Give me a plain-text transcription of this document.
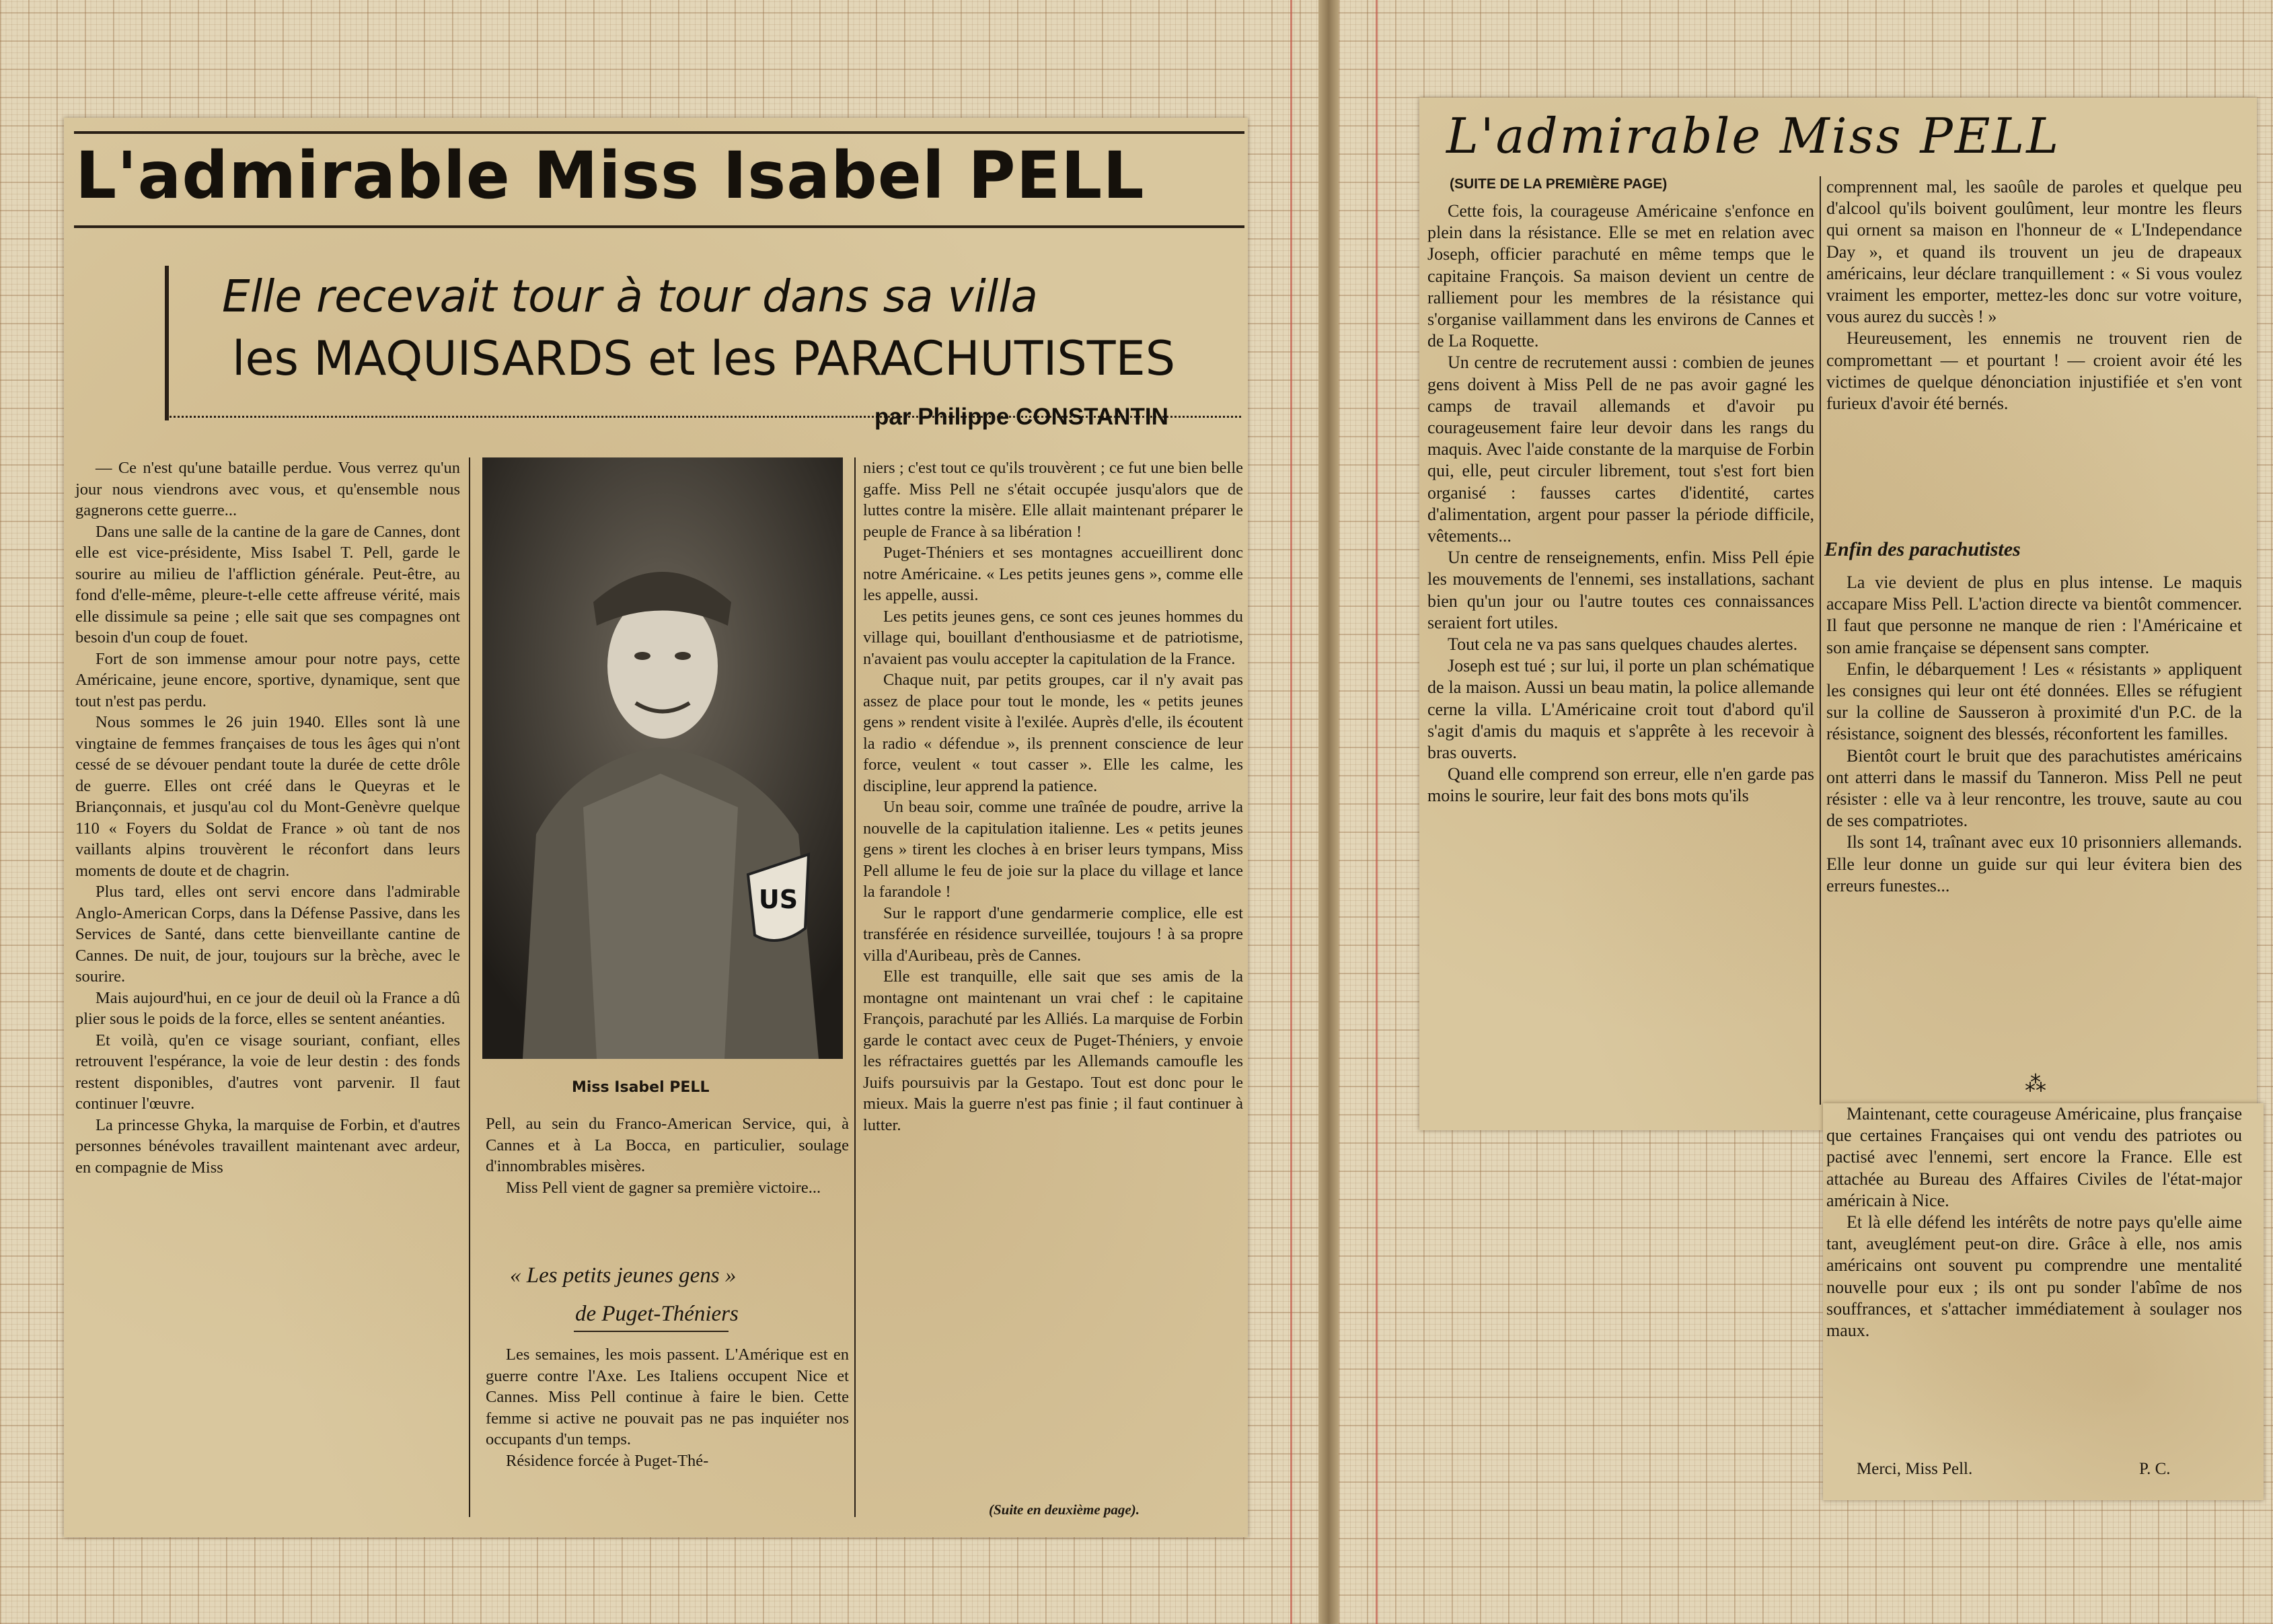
L'admirable Miss Isabel PELL
Elle recevait tour à tour dans sa villa
les MAQUISARDS et les PARACHUTISTES
par Philippe CONSTANTIN

— Ce n'est qu'une bataille perdue. Vous verrez qu'un jour nous viendrons avec vous, et qu'ensemble nous gagnerons cette guerre...

Dans une salle de la cantine de la gare de Cannes, dont elle est vice-présidente, Miss Isabel T. Pell, garde le sourire au milieu de l'affliction générale. Peut-être, au fond d'elle-même, pleure-t-elle cette affreuse vérité, mais elle dissimule sa peine ; elle sait que ses compagnes ont besoin d'un coup de fouet.

Fort de son immense amour pour notre pays, cette Américaine, jeune encore, sportive, dynamique, sent que tout n'est pas perdu.

Nous sommes le 26 juin 1940. Elles sont là une vingtaine de femmes françaises de tous les âges qui n'ont cessé de se dévouer pendant toute la durée de cette drôle de guerre. Elles ont créé dans le Queyras et le Briançonnais, et jusqu'au col du Mont-Genèvre quelque 110 « Foyers du Soldat de France » où tant de nos vaillants alpins trouvèrent le réconfort dans leurs moments de doute et de chagrin.

Plus tard, elles ont servi encore dans l'admirable Anglo-American Corps, dans la Défense Passive, dans les Services de Santé, dans cette bienveillante cantine de Cannes. De nuit, de jour, toujours sur la brèche, avec le sourire.

Mais aujourd'hui, en ce jour de deuil où la France a dû plier sous le poids de la force, elles se sentent anéanties.

Et voilà, qu'en ce visage souriant, confiant, elles retrouvent l'espérance, la voie de leur destin : des fonds restent disponibles, d'autres vont parvenir. Il faut continuer l'œuvre.

La princesse Ghyka, la marquise de Forbin, et d'autres personnes bénévoles travaillent maintenant avec ardeur, en compagnie de Miss

US
Miss Isabel PELL

Pell, au sein du Franco-American Service, qui, à Cannes et à La Bocca, en particulier, soulage d'innombrables misères.

Miss Pell vient de gagner sa première victoire...

« Les petits jeunes gens »
de Puget-Théniers

Les semaines, les mois passent. L'Amérique est en guerre contre l'Axe. Les Italiens occupent Nice et Cannes. Miss Pell continue à faire le bien. Cette femme si active ne pouvait pas ne pas inquiéter nos occupants d'un temps.

Résidence forcée à Puget-Thé-

niers ; c'est tout ce qu'ils trouvèrent ; ce fut une bien belle gaffe. Miss Pell ne s'était occupée jusqu'alors que de luttes contre la misère. Elle allait maintenant préparer le peuple de France à sa libération !

Puget-Théniers et ses montagnes accueillirent donc notre Américaine. « Les petits jeunes gens », comme elle les appelle, aussi.

Les petits jeunes gens, ce sont ces jeunes hommes du village qui, bouillant d'enthousiasme et de patriotisme, n'avaient pas voulu accepter la capitulation de la France.

Chaque nuit, par petits groupes, car il n'y avait pas assez de place pour tout le monde, les « petits jeunes gens » rendent visite à l'exilée. Auprès d'elle, ils écoutent la radio « défendue », ils prennent conscience de leur force, veulent « tout casser ». Elle les calme, les discipline, leur apprend la patience.

Un beau soir, comme une traînée de poudre, arrive la nouvelle de la capitulation italienne. Les « petits jeunes gens » tirent les cloches à en briser leurs tympans, Miss Pell allume le feu de joie sur la place du village et lance la farandole !

Sur le rapport d'une gendarmerie complice, elle est transférée en résidence surveillée, toujours ! à sa propre villa d'Auribeau, près de Cannes.

Elle est tranquille, elle sait que ses amis de la montagne ont maintenant un vrai chef : le capitaine François, parachuté par les Alliés. La marquise de Forbin garde le contact avec ceux de Puget-Théniers, y envoie les réfractaires guettés par les Allemands camoufle les Juifs poursuivis par la Gestapo. Tout est donc pour le mieux. Mais la guerre n'est pas finie ; il faut continuer à lutter.

(Suite en deuxième page).
L'admirable Miss PELL
(SUITE DE LA PREMIÈRE PAGE)

Cette fois, la courageuse Américaine s'enfonce en plein dans la résistance. Elle se met en relation avec Joseph, officier parachuté en même temps que le capitaine François. Sa maison devient un centre de ralliement pour les membres de la résistance qui s'organise vaillamment dans les environs de Cannes et de La Roquette.

Un centre de recrutement aussi : combien de jeunes gens doivent à Miss Pell de ne pas avoir gagné les camps de travail allemands et d'avoir pu courageusement faire leur devoir dans les rangs du maquis. Avec l'aide constante de la marquise de Forbin qui, elle, peut circuler librement, tout s'est fort bien organisé : fausses cartes d'identité, cartes d'alimentation, argent pour passer la période difficile, vêtements...

Un centre de renseignements, enfin. Miss Pell épie les mouvements de l'ennemi, ses installations, sachant bien qu'un jour ou l'autre toutes ces connaissances seraient fort utiles.

Tout cela ne va pas sans quelques chaudes alertes.

Joseph est tué ; sur lui, il porte un plan schématique de la maison. Aussi un beau matin, la police allemande cerne la villa. L'Américaine croit tout d'abord qu'il s'agit d'amis du maquis et s'apprête à les recevoir à bras ouverts.

Quand elle comprend son erreur, elle n'en garde pas moins le sourire, leur fait des bons mots qu'ils

comprennent mal, les saoûle de paroles et quelque peu d'alcool qu'ils boivent goulûment, leur montre les fleurs qui ornent sa maison en l'honneur de « L'Independance Day », et quand ils trouvent un jeu de drapeaux américains, leur déclare tranquillement : « Si vous voulez vraiment les emporter, mettez-les donc sur votre voiture, vous aurez du succès ! »

Heureusement, les ennemis ne trouvent rien de compromettant — et pourtant ! — croient avoir été les victimes de quelque dénonciation injustifiée et s'en vont furieux d'avoir été bernés.

Enfin des parachutistes

La vie devient de plus en plus intense. Le maquis accapare Miss Pell. L'action directe va bientôt commencer. Il faut que personne ne manque de rien : l'Américaine et son amie française se dépensent sans compter.

Enfin, le débarquement ! Les « résistants » appliquent les consignes qui leur ont été données. Elles se réfugient sur la colline de Sausseron à proximité d'un P.C. de la résistance, soignent des blessés, réconfortent les familles.

Bientôt court le bruit que des parachutistes américains ont atterri dans le massif du Tanneron. Miss Pell ne peut résister : elle va à leur rencontre, les trouve, saute au cou de ses compatriotes.

Ils sont 14, traînant avec eux 10 prisonniers allemands. Elle leur donne un guide sur qui leur évitera bien des erreurs funestes...

⁂

Maintenant, cette courageuse Américaine, plus française que certaines Françaises qui ont vendu des patriotes ou pactisé avec l'ennemi, sert encore la France. Elle est attachée au Bureau des Affaires Civiles de l'état-major américain à Nice.

Et là elle défend les intérêts de notre pays qu'elle aime tant, aveuglément peut-on dire. Grâce à elle, nos amis américains ont souvent pu comprendre une mentalité nouvelle pour eux ; ils ont pu sonder l'abîme de nos souffrances, et s'attacher immédiatement à soulager nos maux.

Merci, Miss Pell.	P. C.
